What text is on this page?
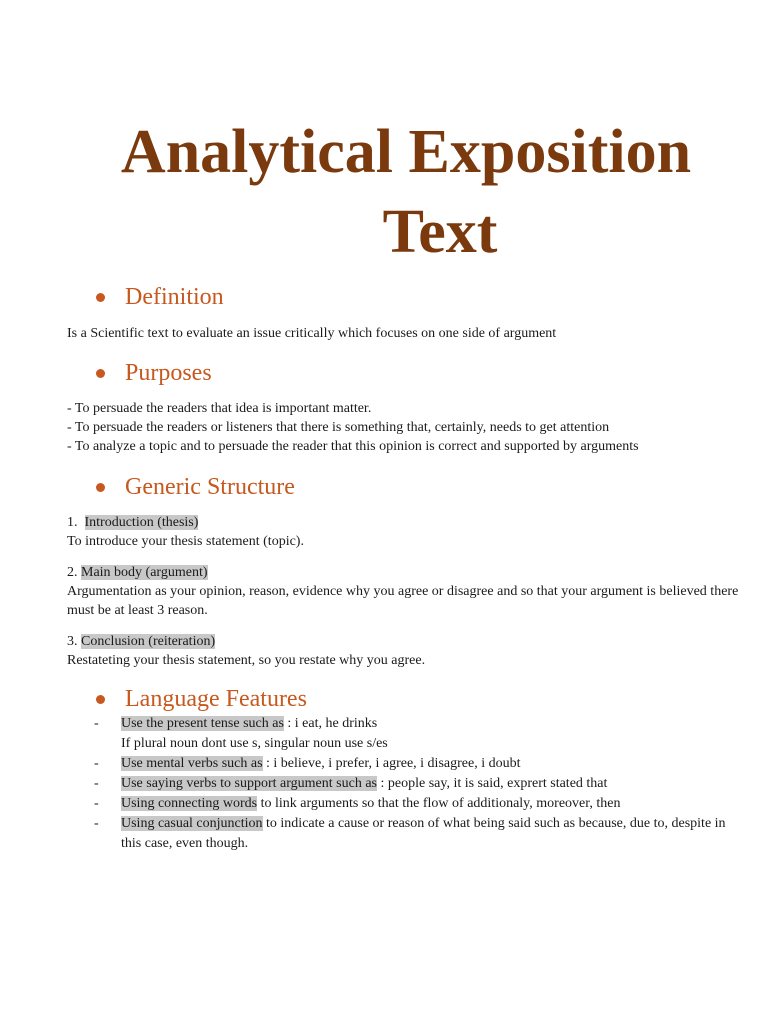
Analytical Exposition
Text
Definition

Is a Scientific text to evaluate an issue critically which focuses on one side of argument

Purposes

- To persuade the readers that idea is important matter.

- To persuade the readers or listeners that there is something that, certainly, needs to get attention

- To analyze a topic and to persuade the reader that this opinion is correct and supported by arguments

Generic Structure

1. Introduction (thesis)

To introduce your thesis statement (topic).

2. Main body (argument)

Argumentation as your opinion, reason, evidence why you agree or disagree and so that your argument is believed there must be at least 3 reason.

3. Conclusion (reiteration)

Restateting your thesis statement, so you restate why you agree.

Language Features
- Use the present tense such as : i eat, he drinks
If plural noun dont use s, singular noun use s/es
- Use mental verbs such as : i believe, i prefer, i agree, i disagree, i doubt
- Use saying verbs to support argument such as : people say, it is said, exprert stated that
- Using connecting words to link arguments so that the flow of additionaly, moreover, then
- Using casual conjunction to indicate a cause or reason of what being said such as because, due to, despite in this case, even though.
